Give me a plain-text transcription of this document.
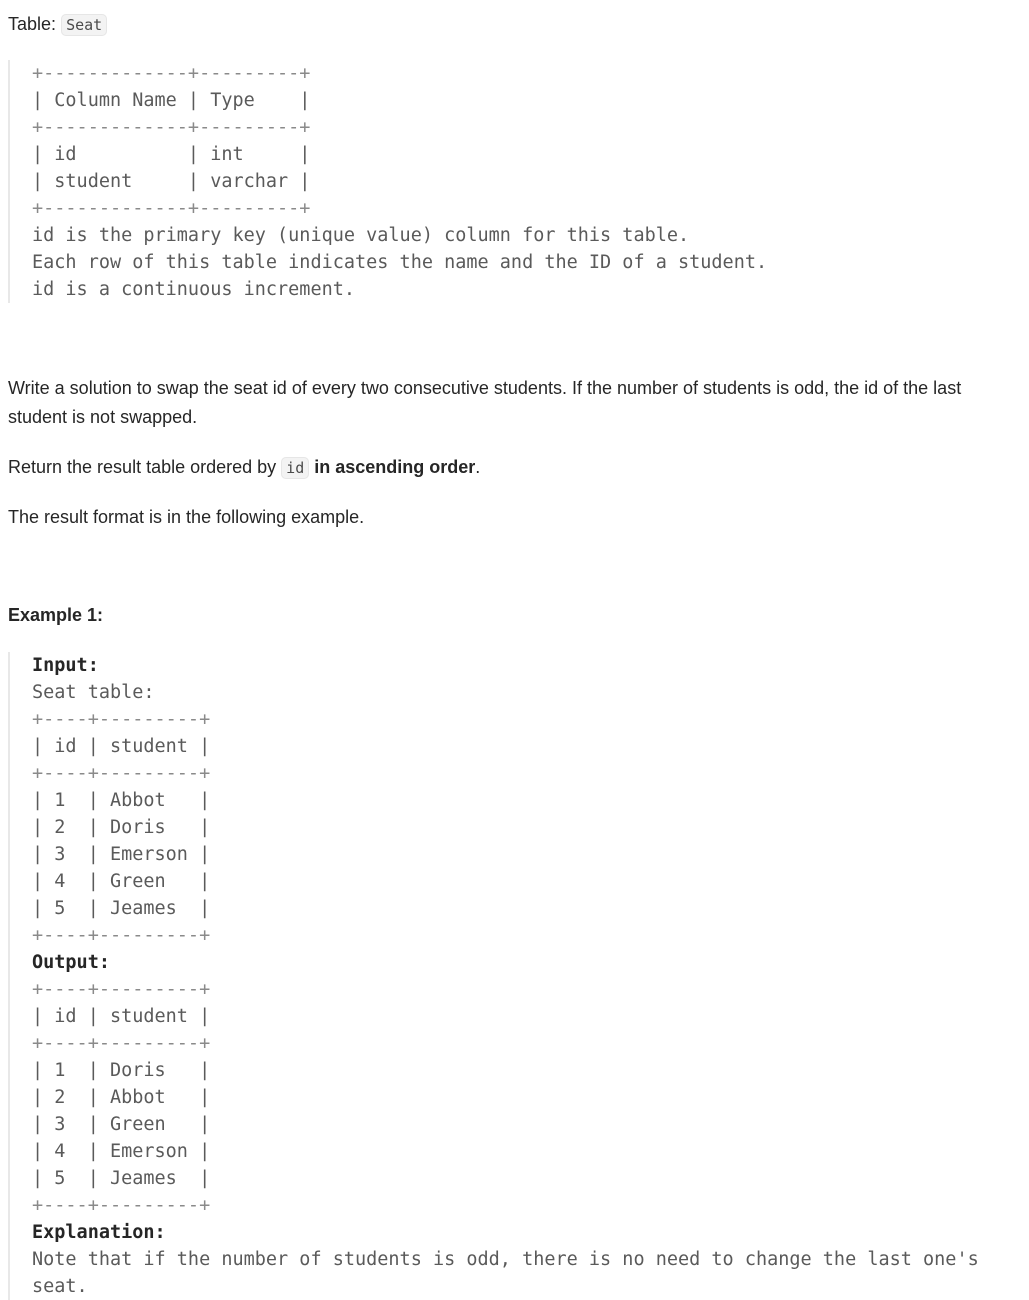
Table: Seat
+-------------+---------+
| Column Name | Type    |
+-------------+---------+
| id          | int     |
| student     | varchar |
+-------------+---------+
id is the primary key (unique value) column for this table.
Each row of this table indicates the name and the ID of a student.
id is a continuous increment.
Write a solution to swap the seat id of every two consecutive students. If the number of students is odd, the id of the last student is not swapped.
Return the result table ordered by id in ascending order.
The result format is in the following example.
Example 1:
Input:
Seat table:
+----+---------+
| id | student |
+----+---------+
| 1  | Abbot   |
| 2  | Doris   |
| 3  | Emerson |
| 4  | Green   |
| 5  | Jeames  |
+----+---------+
Output:
+----+---------+
| id | student |
+----+---------+
| 1  | Doris   |
| 2  | Abbot   |
| 3  | Green   |
| 4  | Emerson |
| 5  | Jeames  |
+----+---------+
Explanation:
Note that if the number of students is odd, there is no need to change the last one's
seat.
